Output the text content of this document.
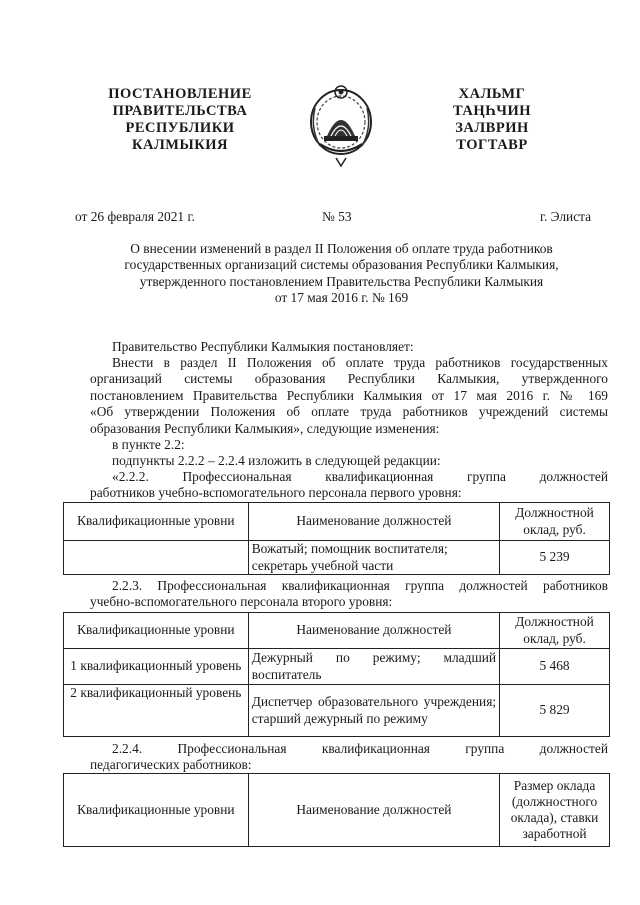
ПОСТАНОВЛЕНИЕ
ПРАВИТЕЛЬСТВА
РЕСПУБЛИКИ
КАЛМЫКИЯ
ХАЛЬМГ
ТАҢҺЧИН
ЗАЛВРИН
ТОГТАВР
от 26 февраля 2021 г.	№ 53	г. Элиста
О внесении изменений в раздел II Положения об оплате труда работников
государственных организаций системы образования Республики Калмыкия,
утвержденного постановлением Правительства Республики Калмыкия
от 17 мая 2016 г. № 169
Правительство Республики Калмыкия постановляет:
Внести в раздел II Положения об оплате труда работников государственных
организаций системы образования Республики Калмыкия, утвержденного
постановлением Правительства Республики Калмыкия от 17 мая 2016 г. № 169
«Об утверждении Положения об оплате труда работников учреждений системы
образования Республики Калмыкия», следующие изменения:
в пункте 2.2:
подпункты 2.2.2 – 2.2.4 изложить в следующей редакции:
«2.2.2. Профессиональная квалификационная группа должностей
работников учебно-вспомогательного персонала первого уровня:
Квалификационные уровни	Наименование должностей	Должностной оклад, руб.
	Вожатый; помощник воспитателя; секретарь учебной части	5 239
2.2.3. Профессиональная квалификационная группа должностей работников
учебно-вспомогательного персонала второго уровня:
Квалификационные уровни	Наименование должностей	Должностной оклад, руб.
1 квалификационный уровень	Дежурный по режиму; младший воспитатель	5 468
2 квалификационный уровень	Диспетчер образовательного учреждения; старший дежурный по режиму	5 829
2.2.4. Профессиональная квалификационная группа должностей
педагогических работников:
Квалификационные уровни	Наименование должностей	Размер оклада (должностного оклада), ставки заработной
